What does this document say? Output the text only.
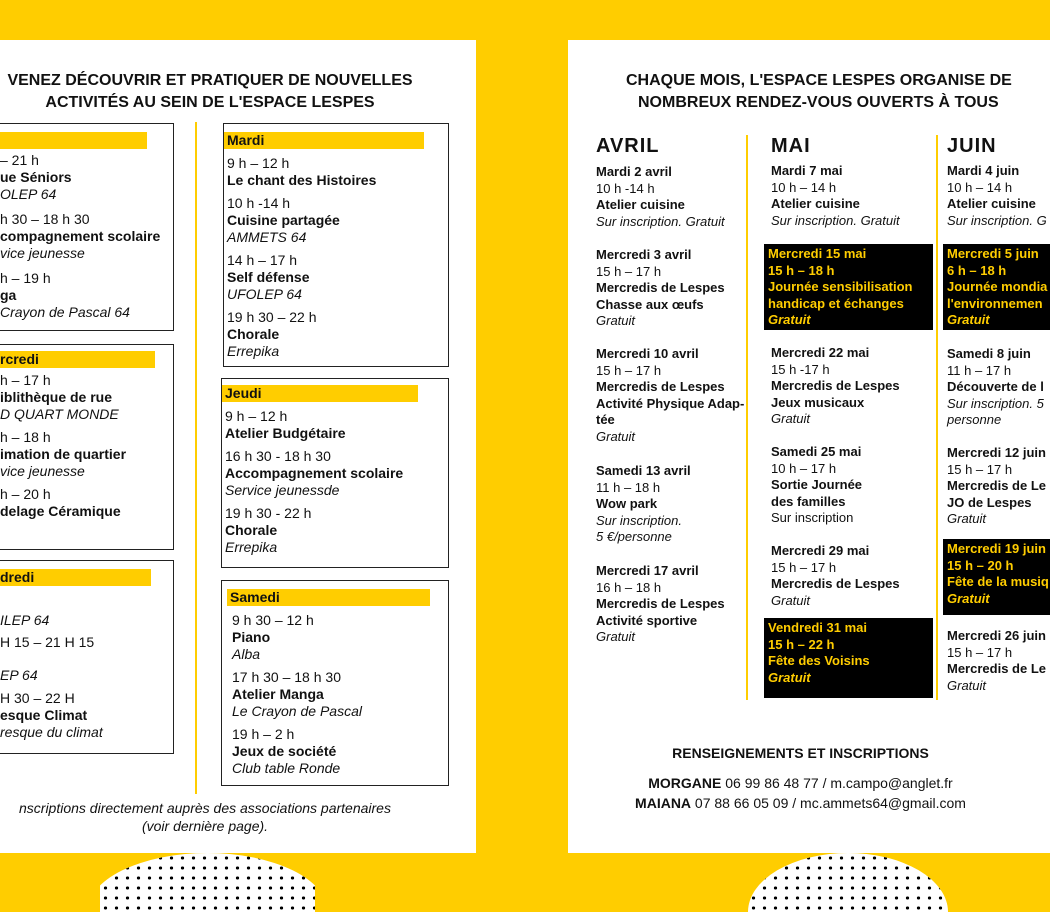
VENEZ DÉCOUVRIR ET PRATIQUER DE NOUVELLES
ACTIVITÉS AU SEIN DE L'ESPACE LESPES
– 21 h
ue Séniors
OLEP 64
h 30 – 18 h 30
compagnement scolaire
vice jeunesse
h – 19 h
ga
Crayon de Pascal 64
rcredi
h – 17 h
iblithèque de rue
D QUART MONDE
h – 18 h
imation de quartier
vice jeunesse
h – 20 h
delage Céramique
dredi
ILEP 64
H 15 – 21 H 15
EP 64
H 30 – 22 H
esque Climat
resque du climat
Mardi
9 h – 12 h
Le chant des Histoires
10 h -14 h
Cuisine partagée
AMMETS 64
14 h – 17 h
Self défense
UFOLEP 64
19 h 30 – 22 h
Chorale
Errepika
Jeudi
9 h – 12 h
Atelier Budgétaire
16 h 30 - 18 h 30
Accompagnement scolaire
Service jeunessde
19 h 30 - 22 h
Chorale
Errepika
Samedi
9 h 30 – 12 h
Piano
Alba
17 h 30 – 18 h 30
Atelier Manga
Le Crayon de Pascal
19 h – 2 h
Jeux de société
Club table Ronde
nscriptions directement auprès des associations partenaires
(voir dernière page).
CHAQUE MOIS, L'ESPACE LESPES ORGANISE DE
NOMBREUX RENDEZ-VOUS OUVERTS À TOUS
AVRIL
Mardi 2 avril
10 h -14 h
Atelier cuisine
Sur inscription. Gratuit
Mercredi 3 avril
15 h – 17 h
Mercredis de Lespes
Chasse aux œufs
Gratuit
Mercredi 10 avril
15 h – 17 h
Mercredis de Lespes
Activité Physique Adap-
tée
Gratuit
Samedi 13 avril
11 h – 18 h
Wow park
Sur inscription.
5 €/personne
Mercredi 17 avril
16 h – 18 h
Mercredis de Lespes
Activité sportive
Gratuit
MAI
Mardi 7 mai
10 h – 14 h
Atelier cuisine
Sur inscription. Gratuit
Mercredi 15 mai
15 h – 18 h
Journée sensibilisation
handicap et échanges
Gratuit
Mercredi 22 mai
15 h -17 h
Mercredis de Lespes
Jeux musicaux
Gratuit
Samedi 25 mai
10 h – 17 h
Sortie Journée
des familles
Sur inscription
Mercredi 29 mai
15 h – 17 h
Mercredis de Lespes
Gratuit
Vendredi 31 mai
15 h – 22 h
Fête des Voisins
Gratuit
JUIN
Mardi 4 juin
10 h – 14 h
Atelier cuisine
Sur inscription. G
Mercredi 5 juin
6 h – 18 h
Journée mondia
l'environnemen
Gratuit
Samedi 8 juin
11 h – 17 h
Découverte de l
Sur inscription. 5
personne
Mercredi 12 juin
15 h – 17 h
Mercredis de Le
JO de Lespes
Gratuit
Mercredi 19 juin
15 h – 20 h
Fête de la musiq
Gratuit
Mercredi 26 juin
15 h – 17 h
Mercredis de Le
Gratuit
RENSEIGNEMENTS ET INSCRIPTIONS
MORGANE 06 99 86 48 77 / m.campo@anglet.fr
MAIANA 07 88 66 05 09 / mc.ammets64@gmail.com
